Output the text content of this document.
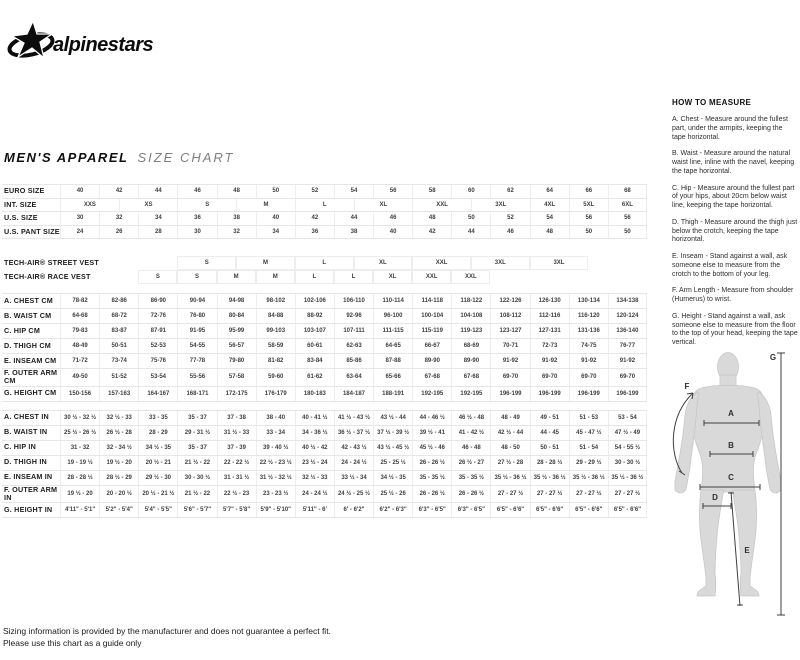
alpinestars
MEN'S APPAREL SIZE CHART
EURO SIZE	40	42	44	46	48	50	52	54	56	58	60	62	64	66	68
INT. SIZE	XXS	XS	S	M	L	XL	XXL	3XL	4XL	5XL	6XL
U.S. SIZE	30	32	34	36	38	40	42	44	46	48	50	52	54	56	56
U.S. PANT SIZE	24	26	28	30	32	34	36	38	40	42	44	46	48	50	50
TECH-AIR® STREET VEST	S	M	L	XL	XXL	3XL	3XL
TECH-AIR® RACE VEST	S	S	M	M	L	L	XL	XXL	XXL
A. CHEST CM	78-82	82-86	86-90	90-94	94-98	98-102	102-106	106-110	110-114	114-118	118-122	122-126	126-130	130-134	134-138
B. WAIST CM	64-68	68-72	72-76	76-80	80-84	84-88	88-92	92-96	96-100	100-104	104-108	108-112	112-116	116-120	120-124
C. HIP CM	79-83	83-87	87-91	91-95	95-99	99-103	103-107	107-111	111-115	115-119	119-123	123-127	127-131	131-136	136-140
D. THIGH CM	48-49	50-51	52-53	54-55	56-57	58-59	60-61	62-63	64-65	66-67	68-69	70-71	72-73	74-75	76-77
E. INSEAM CM	71-72	73-74	75-76	77-78	79-80	81-82	83-84	85-86	87-88	89-90	89-90	91-92	91-92	91-92	91-92
F. OUTER ARM CM	49-50	51-52	53-54	55-56	57-58	59-60	61-62	63-64	65-66	67-68	67-68	69-70	69-70	69-70	69-70
G. HEIGHT CM	150-156	157-163	164-167	168-171	172-175	176-179	180-183	184-187	188-191	192-195	192-195	196-199	196-199	196-199	196-199
A. CHEST IN	30 ½ - 32 ½	32 ½ - 33	33 - 35	35 - 37	37 - 38	38 - 40	40 - 41 ½	41 ½ - 43 ½	43 ½ - 44	44 - 46 ½	46 ½ - 48	48 - 49	49 - 51	51 - 53	53 - 54
B. WAIST IN	25 ½ - 26 ½	26 ½ - 28	28 - 29	29 - 31 ½	31 ½ - 33	33 - 34	34 - 36 ½	36 ½ - 37 ½	37 ½ - 39 ½	39 ½ - 41	41 - 42 ½	42 ½ - 44	44 - 45	45 - 47 ½	47 ½ - 49
C. HIP IN	31 - 32	32 - 34 ½	34 ½ - 35	35 - 37	37 - 39	39 - 40 ½	40 ½ - 42	42 - 43 ½	43 ½ - 45 ½	45 ½ - 46	46 - 48	48 - 50	50 - 51	51 - 54	54 - 55 ½
D. THIGH IN	19 - 19 ½	19 ½ - 20	20 ½ - 21	21 ½ - 22	22 - 22 ½	22 ½ - 23 ½	23 ½ - 24	24 - 24 ½	25 - 25 ½	26 - 26 ½	26 ½ - 27	27 ½ - 28	28 - 28 ½	29 - 29 ½	30 - 30 ½
E. INSEAM IN	28 - 28 ½	28 ½ - 29	29 ½ - 30	30 - 30 ½	31 - 31 ½	31 ½ - 32 ½	32 ½ - 33	33 ½ - 34	34 ½ - 35	35 - 35 ½	35 - 35 ½	35 ½ - 36 ½	35 ½ - 36 ½	35 ½ - 36 ½	35 ½ - 36 ½
F. OUTER ARM IN	19 ½ - 20	20 - 20 ½	20 ½ - 21 ½	21 ½ - 22	22 ½ - 23	23 - 23 ½	24 - 24 ½	24 ½ - 25 ½	25 ½ - 26	26 - 26 ½	26 - 26 ½	27 - 27 ½	27 - 27 ½	27 - 27 ½	27 - 27 ½
G. HEIGHT IN	4'11" - 5'1"	5'2" - 5'4"	5'4" - 5'5"	5'6" - 5'7"	5'7" - 5'8"	5'9" - 5'10"	5'11" - 6'	6' - 6'2"	6'2" - 6'3"	6'3" - 6'5"	6'3" - 6'5"	6'5" - 6'6"	6'5" - 6'6"	6'5" - 6'6"	6'5" - 6'6"
HOW TO MEASURE

A. Chest - Measure around the fullest part, under the armpits, keeping the tape horizontal.

B. Waist - Measure around the natural waist line, inline with the navel, keeping the tape horizontal.

C. Hip - Measure around the fullest part of your hips, about 20cm below waist line, keeping the tape horizontal.

D. Thigh - Measure around the thigh just below the crotch, keeping the tape horizontal.

E. Inseam - Stand against a wall, ask someone else to measure from the crotch to the bottom of your leg.

F. Arm Length - Measure from shoulder (Humerus) to wrist.

G. Height - Stand against a wall, ask someone else to measure from the floor to the top of your head, keeping the tape vertical.

A
B
C
D
E
F
G
Sizing information is provided by the manufacturer and does not guarantee a perfect fit.
Please use this chart as a guide only
